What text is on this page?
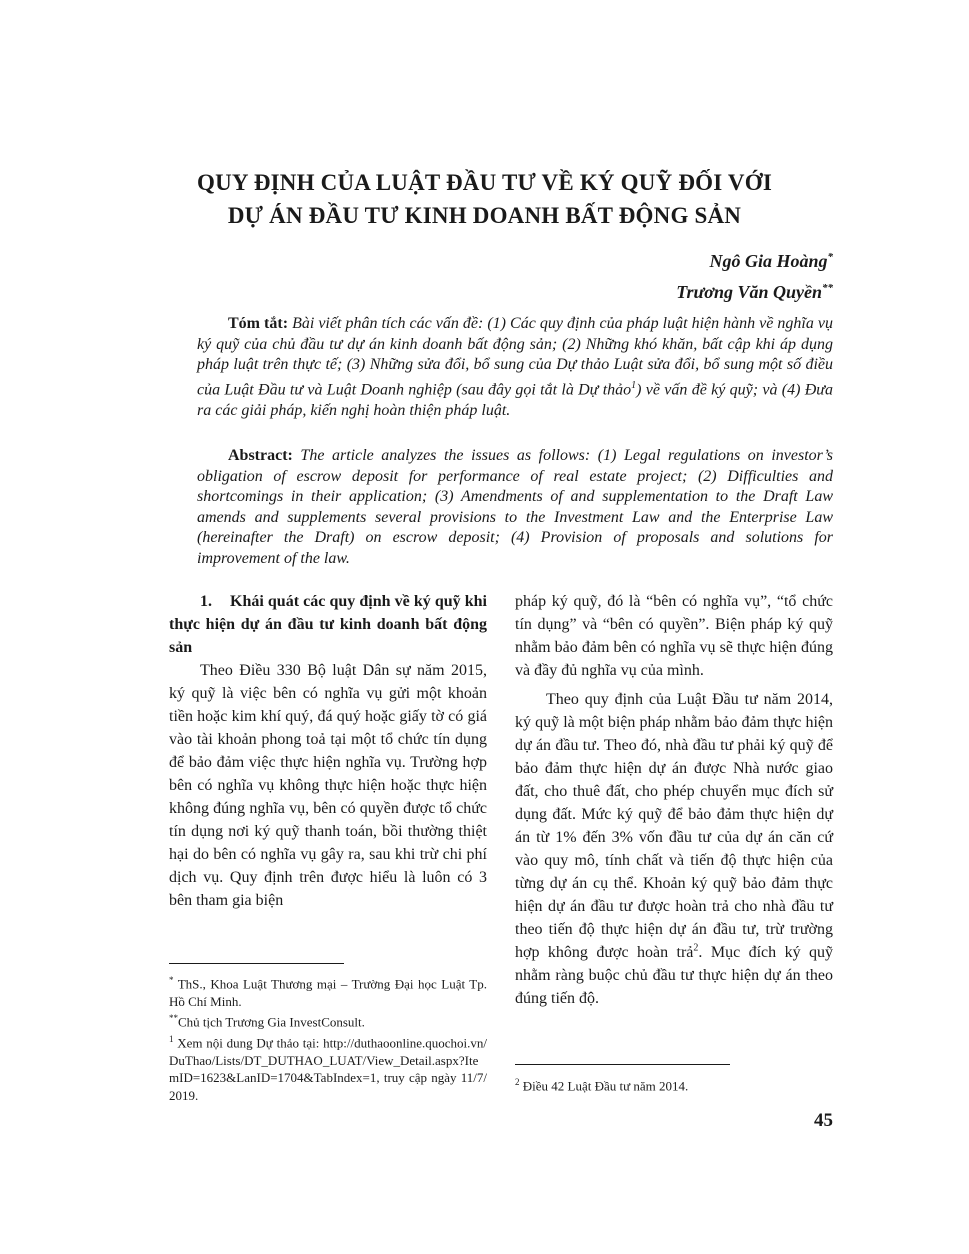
QUY ĐỊNH CỦA LUẬT ĐẦU TƯ VỀ KÝ QUỸ ĐỐI VỚI
DỰ ÁN ĐẦU TƯ KINH DOANH BẤT ĐỘNG SẢN
Ngô Gia Hoàng*
Trương Văn Quyền**
Tóm tắt: Bài viết phân tích các vấn đề: (1) Các quy định của pháp luật hiện hành về nghĩa vụ ký quỹ của chủ đầu tư dự án kinh doanh bất động sản; (2) Những khó khăn, bất cập khi áp dụng pháp luật trên thực tế; (3) Những sửa đổi, bổ sung của Dự thảo Luật sửa đổi, bổ sung một số điều của Luật Đầu tư và Luật Doanh nghiệp (sau đây gọi tắt là Dự thảo$^1$) về vấn đề ký quỹ; và (4) Đưa ra các giải pháp, kiến nghị hoàn thiện pháp luật.
Abstract: The article analyzes the issues as follows: (1) Legal regulations on investor’s obligation of escrow deposit for performance of real estate project; (2) Difficulties and shortcomings in their application; (3) Amendments of and supplementation to the Draft Law amends and supplements several provisions to the Investment Law and the Enterprise Law (hereinafter the Draft) on escrow deposit; (4) Provision of proposals and solutions for improvement of the law.

1. Khái quát các quy định về ký quỹ khi thực hiện dự án đầu tư kinh doanh bất động sản

Theo Điều 330 Bộ luật Dân sự năm 2015, ký quỹ là việc bên có nghĩa vụ gửi một khoản tiền hoặc kim khí quý, đá quý hoặc giấy tờ có giá vào tài khoản phong toả tại một tổ chức tín dụng để bảo đảm việc thực hiện nghĩa vụ. Trường hợp bên có nghĩa vụ không thực hiện hoặc thực hiện không đúng nghĩa vụ, bên có quyền được tổ chức tín dụng nơi ký quỹ thanh toán, bồi thường thiệt hại do bên có nghĩa vụ gây ra, sau khi trừ chi phí dịch vụ. Quy định trên được hiểu là luôn có 3 bên tham gia biện

pháp ký quỹ, đó là “bên có nghĩa vụ”, “tổ chức tín dụng” và “bên có quyền”. Biện pháp ký quỹ nhằm bảo đảm bên có nghĩa vụ sẽ thực hiện đúng và đầy đủ nghĩa vụ của mình.

Theo quy định của Luật Đầu tư năm 2014, ký quỹ là một biện pháp nhằm bảo đảm thực hiện dự án đầu tư. Theo đó, nhà đầu tư phải ký quỹ để bảo đảm thực hiện dự án được Nhà nước giao đất, cho thuê đất, cho phép chuyển mục đích sử dụng đất. Mức ký quỹ để bảo đảm thực hiện dự án từ 1% đến 3% vốn đầu tư của dự án căn cứ vào quy mô, tính chất và tiến độ thực hiện của từng dự án cụ thể. Khoản ký quỹ bảo đảm thực hiện dự án đầu tư được hoàn trả cho nhà đầu tư theo tiến độ thực hiện dự án đầu tư, trừ trường hợp không được hoàn trả$^2$. Mục đích ký quỹ nhằm ràng buộc chủ đầu tư thực hiện dự án theo đúng tiến độ.

* ThS., Khoa Luật Thương mại – Trường Đại học Luật Tp. Hồ Chí Minh.

**Chủ tịch Trương Gia InvestConsult.

$^1$ Xem nội dung Dự thảo tại: http://duthaoonline.quochoi.vn/DuThao/Lists/DT_DUTHAO_LUAT/View_Detail.aspx?ItemID=1623&LanID=1704&TabIndex=1, truy cập ngày 11/7/2019.

$^2$ Điều 42 Luật Đầu tư năm 2014.

45
